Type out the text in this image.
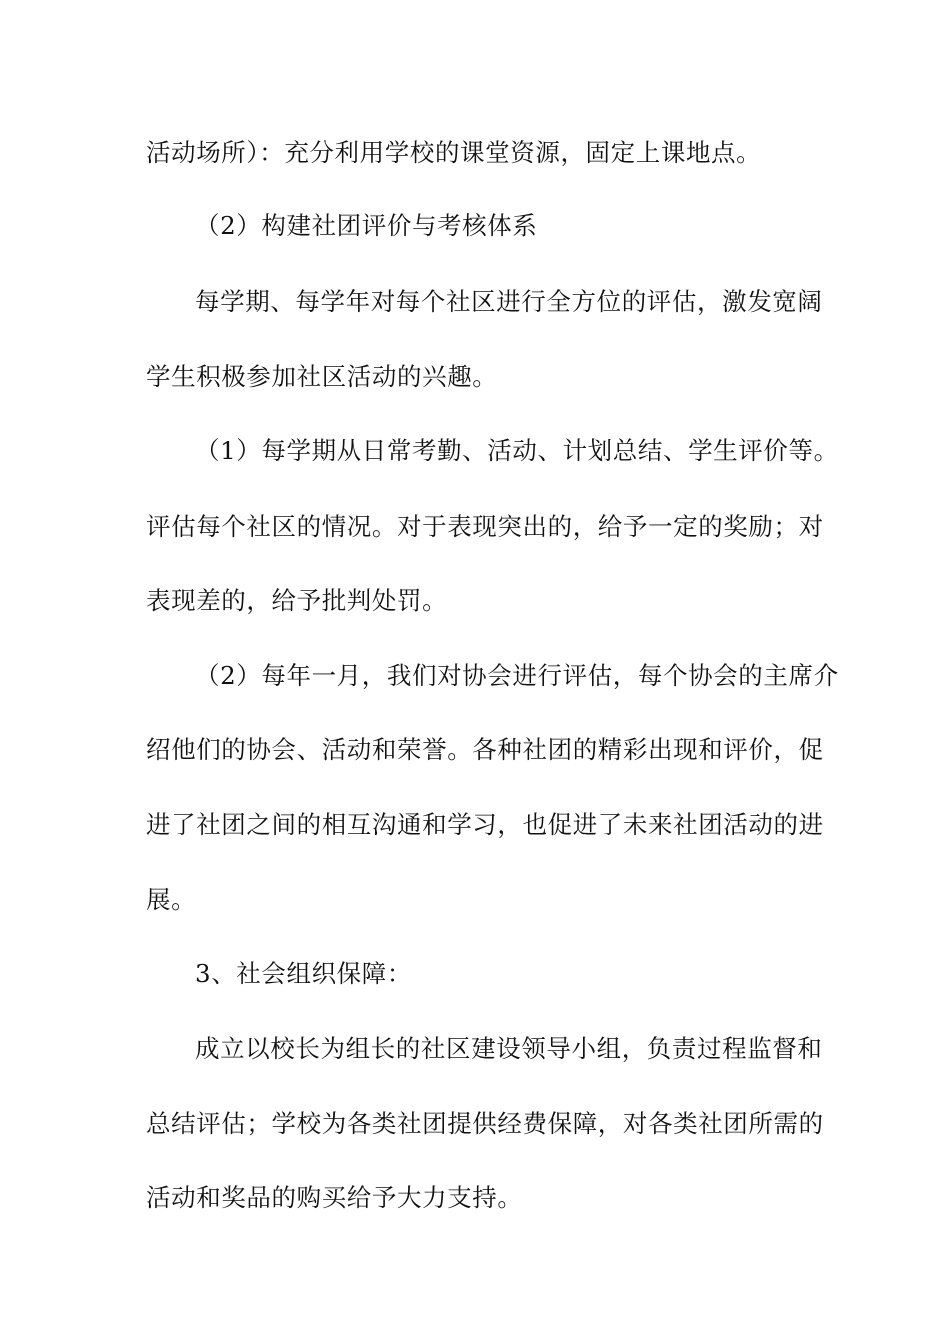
活动场所）：充分利用学校的课堂资源，固定上课地点。
（2）构建社团评价与考核体系
每学期、每学年对每个社区进行全方位的评估，激发宽阔
学生积极参加社区活动的兴趣。
（1）每学期从日常考勤、活动、计划总结、学生评价等。
评估每个社区的情况。对于表现突出的，给予一定的奖励；对
表现差的，给予批判处罚。
（2）每年一月，我们对协会进行评估，每个协会的主席介
绍他们的协会、活动和荣誉。各种社团的精彩出现和评价，促
进了社团之间的相互沟通和学习，也促进了未来社团活动的进
展。
3、社会组织保障：
成立以校长为组长的社区建设领导小组，负责过程监督和
总结评估；学校为各类社团提供经费保障，对各类社团所需的
活动和奖品的购买给予大力支持。
